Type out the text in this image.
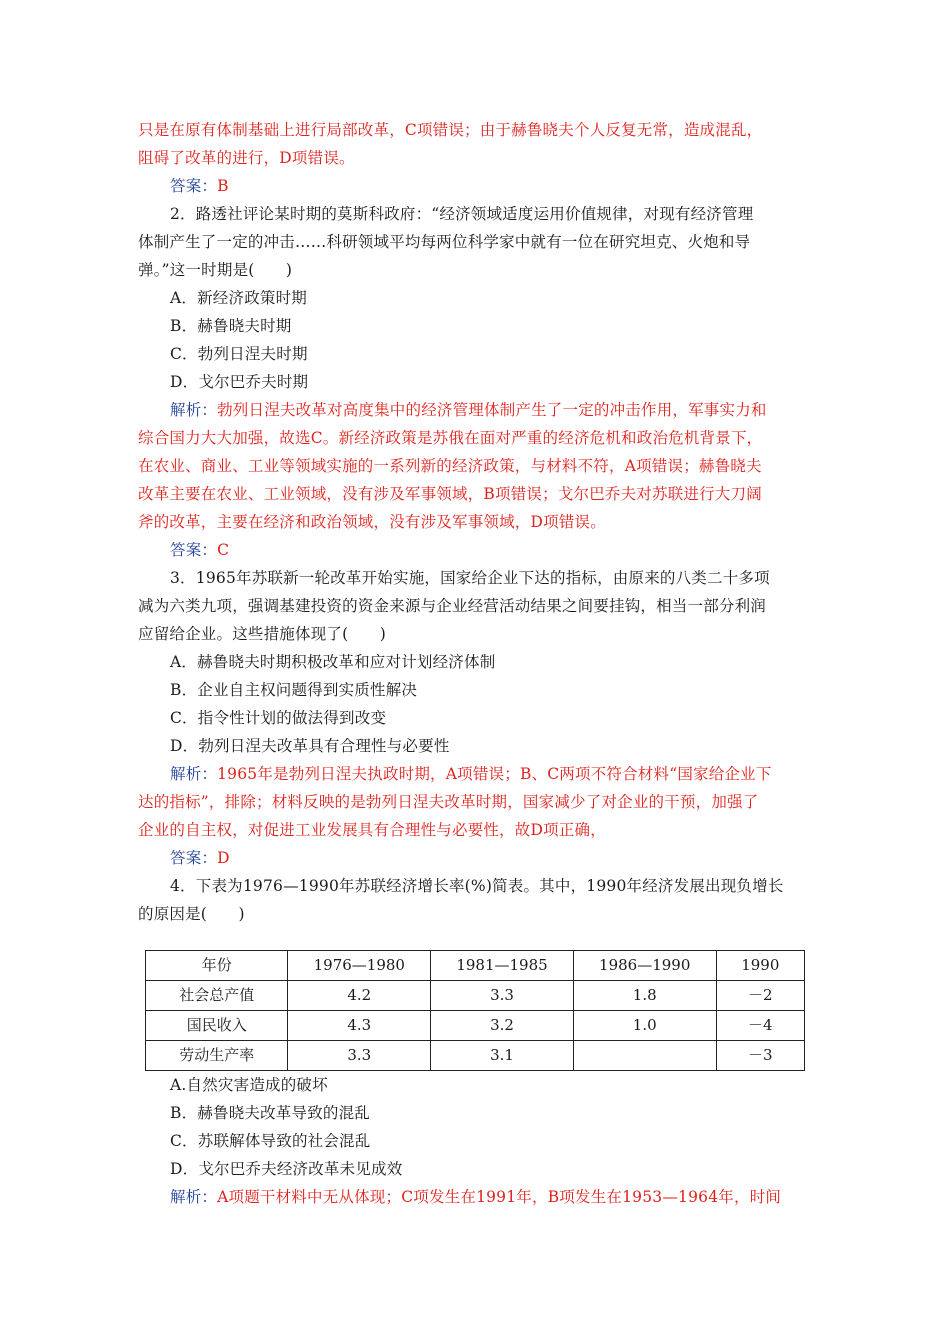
只是在原有体制基础上进行局部改革，C项错误；由于赫鲁晓夫个人反复无常，造成混乱，
阻碍了改革的进行，D项错误。
答案：B
2．路透社评论某时期的莫斯科政府：“经济领域适度运用价值规律，对现有经济管理
体制产生了一定的冲击……科研领域平均每两位科学家中就有一位在研究坦克、火炮和导
弹。”这一时期是(　　)
A．新经济政策时期
B．赫鲁晓夫时期
C．勃列日涅夫时期
D．戈尔巴乔夫时期
解析：勃列日涅夫改革对高度集中的经济管理体制产生了一定的冲击作用，军事实力和
综合国力大大加强，故选C。新经济政策是苏俄在面对严重的经济危机和政治危机背景下，
在农业、商业、工业等领域实施的一系列新的经济政策，与材料不符，A项错误；赫鲁晓夫
改革主要在农业、工业领域，没有涉及军事领域，B项错误；戈尔巴乔夫对苏联进行大刀阔
斧的改革，主要在经济和政治领域，没有涉及军事领域，D项错误。
答案：C
3．1965年苏联新一轮改革开始实施，国家给企业下达的指标，由原来的八类二十多项
减为六类九项，强调基建投资的资金来源与企业经营活动结果之间要挂钩，相当一部分利润
应留给企业。这些措施体现了(　　)
A．赫鲁晓夫时期积极改革和应对计划经济体制
B．企业自主权问题得到实质性解决
C．指令性计划的做法得到改变
D．勃列日涅夫改革具有合理性与必要性
解析：1965年是勃列日涅夫执政时期，A项错误；B、C两项不符合材料“国家给企业下
达的指标”，排除；材料反映的是勃列日涅夫改革时期，国家减少了对企业的干预，加强了
企业的自主权，对促进工业发展具有合理性与必要性，故D项正确，
答案：D
4．下表为1976—1990年苏联经济增长率(%)简表。其中，1990年经济发展出现负增长
的原因是(　　)
年份	1976—1980	1981—1985	1986—1990	1990
社会总产值	4.2	3.3	1.8	－2
国民收入	4.3	3.2	1.0	－4
劳动生产率	3.3	3.1		－3
A.自然灾害造成的破坏
B．赫鲁晓夫改革导致的混乱
C．苏联解体导致的社会混乱
D．戈尔巴乔夫经济改革未见成效
解析：A项题干材料中无从体现；C项发生在1991年，B项发生在1953—1964年，时间
